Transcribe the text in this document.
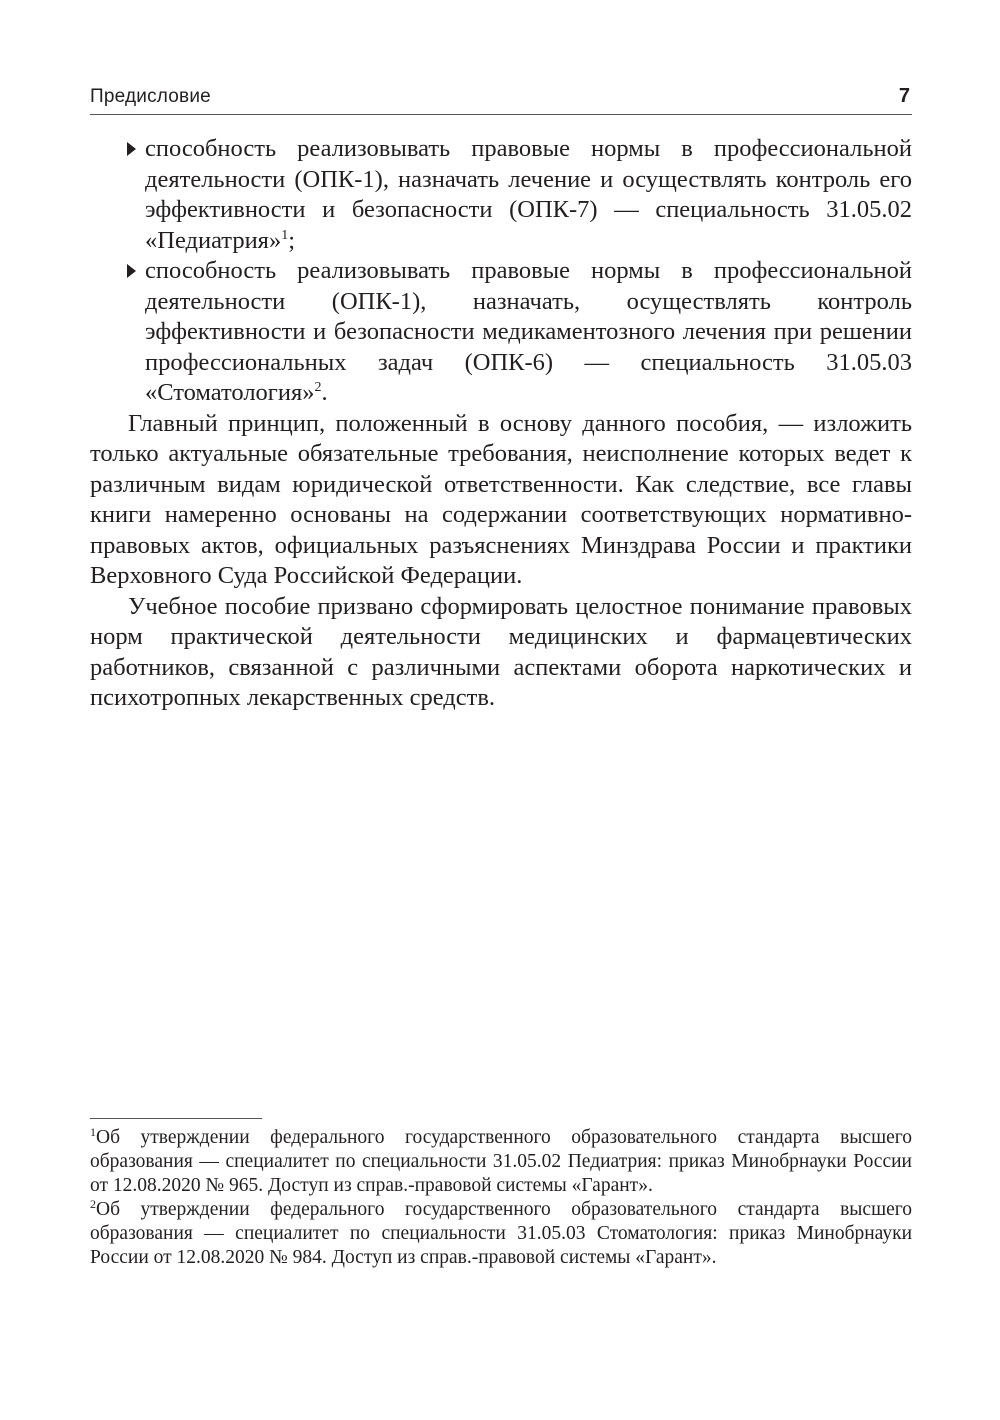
Предисловие	7
способность реализовывать правовые нормы в профессиональной деятельности (ОПК-1), назначать лечение и осуществлять контроль его эффективности и безопасности (ОПК-7) — специальность 31.05.02 «Педиатрия»$^1$;
способность реализовывать правовые нормы в профессиональной деятельности (ОПК-1), назначать, осуществлять контроль эффективности и безопасности медикаментозного лечения при решении профессиональных задач (ОПК-6) — специальность 31.05.03 «Стоматология»$^2$.

Главный принцип, положенный в основу данного пособия, — изложить только актуальные обязательные требования, неисполнение которых ведет к различным видам юридической ответственности. Как следствие, все главы книги намеренно основаны на содержании соответствующих нормативно-правовых актов, официальных разъяснениях Минздрава России и практики Верховного Суда Российской Федерации.

Учебное пособие призвано сформировать целостное понимание правовых норм практической деятельности медицинских и фармацевтических работников, связанной с различными аспектами оборота наркотических и психотропных лекарственных средств.

$^1$Об утверждении федерального государственного образовательного стандарта высшего образования — специалитет по специальности 31.05.02 Педиатрия: приказ Минобрнауки России от 12.08.2020 № 965. Доступ из справ.-правовой системы «Гарант».

$^2$Об утверждении федерального государственного образовательного стандарта высшего образования — специалитет по специальности 31.05.03 Стоматология: приказ Минобрнауки России от 12.08.2020 № 984. Доступ из справ.-правовой системы «Гарант».
